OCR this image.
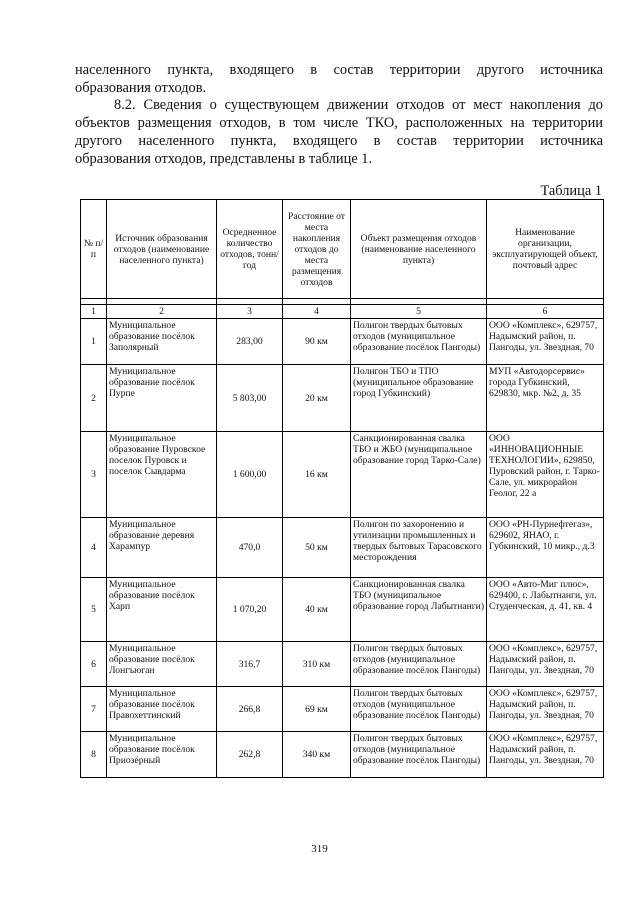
населенного пункта, входящего в состав территории другого источника
образования отходов.
8.2. Сведения о существующем движении отходов от мест накопления до
объектов размещения отходов, в том числе ТКО, расположенных на территории
другого населенного пункта, входящего в состав территории источника
образования отходов, представлены в таблице 1.
Таблица 1
№ п/п	Источник образования отходов (наименование населенного пункта)	Осредненное количество отходов, тонн/год	Расстояние от места накопления отходов до места размещения отходов	Объект размещения отходов (наименование населенного пункта)	Наименование организации, эксплуатирующей объект, почтовый адрес

1	2	3	4	5	6
1	Муниципальное образование посёлок Заполярный	283,00	90 км	Полигон твердых бытовых отходов (муниципальное образование посёлок Пангоды)	ООО «Комплекс», 629757, Надымский район, п. Пангоды, ул. Звездная, 70
2	Муниципальное образование посёлок Пурпе	5 803,00	20 км	Полигон ТБО и ТПО (муниципальное образование город Губкинский)	МУП «Автодорсервис» города Губкинский, 629830, мкр. №2, д. 35
3	Муниципальное образование Пуровское поселок Пуровск и поселок Сывдарма	1 600,00	16 км	Санкционированная свалка ТБО и ЖБО (муниципальное образование город Тарко-Сале)	ООО «ИННОВАЦИОННЫЕ ТЕХНОЛОГИИ», 629850, Пуровский район, г. Тарко-Сале, ул. микрорайон Геолог, 22 а
4	Муниципальное образование деревня Харампур	470,0	50 км	Полигон по захоронению и утилизации промышленных и твердых бытовых Тарасовского месторождения	ООО «РН-Пурнефтегаз», 629602, ЯНАО, г. Губкинский, 10 микр., д.3
5	Муниципальное образование посёлок Харп	1 070,20	40 км	Санкционированная свалка ТБО (муниципальное образование город Лабытнанги)	ООО «Авто-Миг плюс», 629400, г. Лабытнанги, ул. Студенческая, д. 41, кв. 4
6	Муниципальное образование посёлок Лонгъюган	316,7	310 км	Полигон твердых бытовых отходов (муниципальное образование посёлок Пангоды)	ООО «Комплекс», 629757, Надымский район, п. Пангоды, ул. Звездная, 70
7	Муниципальное образование посёлок Правохеттинский	266,8	69 км	Полигон твердых бытовых отходов (муниципальное образование посёлок Пангоды)	ООО «Комплекс», 629757, Надымский район, п. Пангоды, ул. Звездная, 70
8	Муниципальное образование посёлок Приозёрный	262,8	340 км	Полигон твердых бытовых отходов (муниципальное образование посёлок Пангоды)	ООО «Комплекс», 629757, Надымский район, п. Пангоды, ул. Звездная, 70
319
